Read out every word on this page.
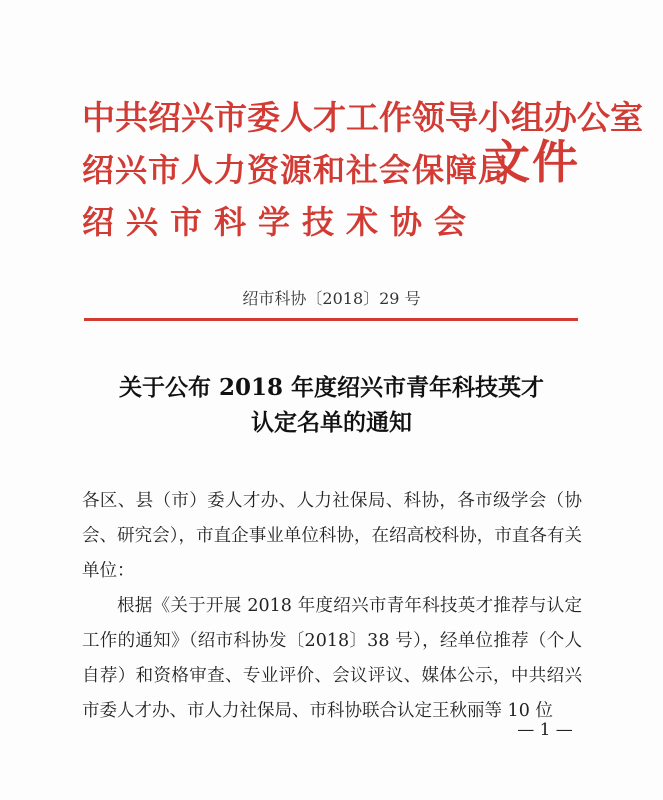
中共绍兴市委人才工作领导小组办公室
绍兴市人力资源和社会保障局
绍兴市科学技术协会
文件
绍市科协〔2018〕29 号
关于公布 2018 年度绍兴市青年科技英才
认定名单的通知

各区、县（市）委人才办、人力社保局、科协，各市级学会（协会、研究会），市直企事业单位科协，在绍高校科协，市直各有关单位：

根据《关于开展 2018 年度绍兴市青年科技英才推荐与认定工作的通知》（绍市科协发〔2018〕38 号），经单位推荐（个人自荐）和资格审查、专业评价、会议评议、媒体公示，中共绍兴市委人才办、市人力社保局、市科协联合认定王秋丽等 10 位

— 1 —
